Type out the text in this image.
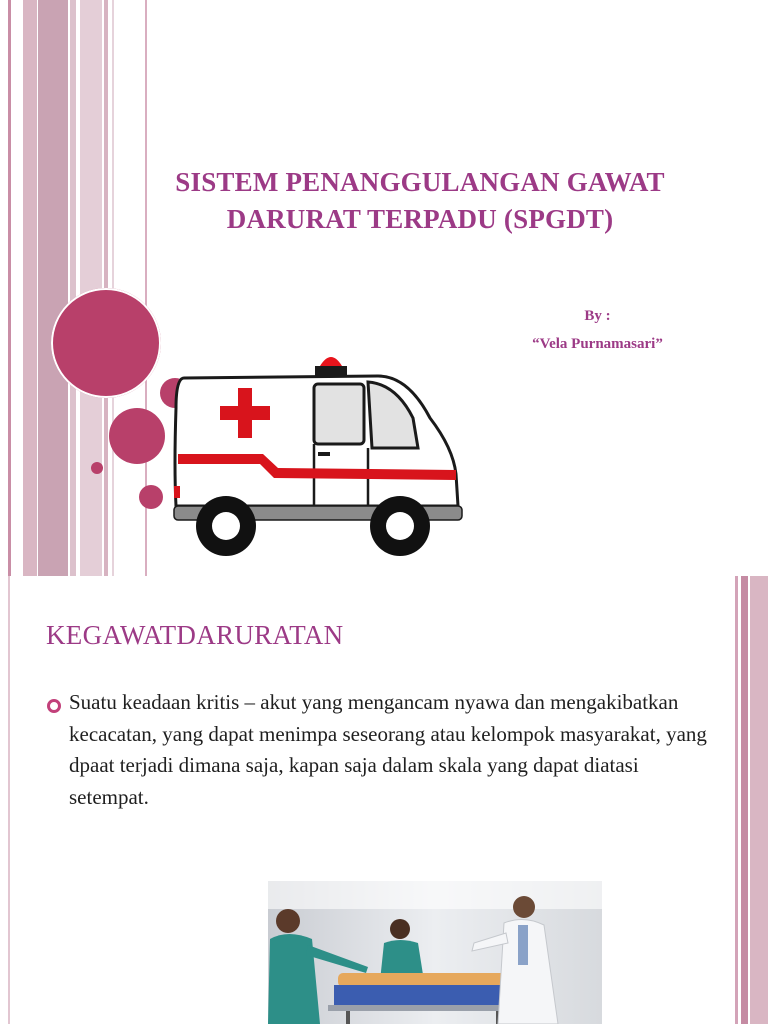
SISTEM PENANGGULANGAN GAWAT
DARURAT TERPADU (SPGDT)
By :
“Vela Purnamasari”
KEGAWATDARURATAN
Suatu keadaan kritis – akut yang mengancam nyawa dan mengakibatkan kecacatan, yang dapat menimpa seseorang atau kelompok masyarakat, yang dpaat terjadi dimana saja, kapan saja dalam skala yang dapat diatasi setempat.
